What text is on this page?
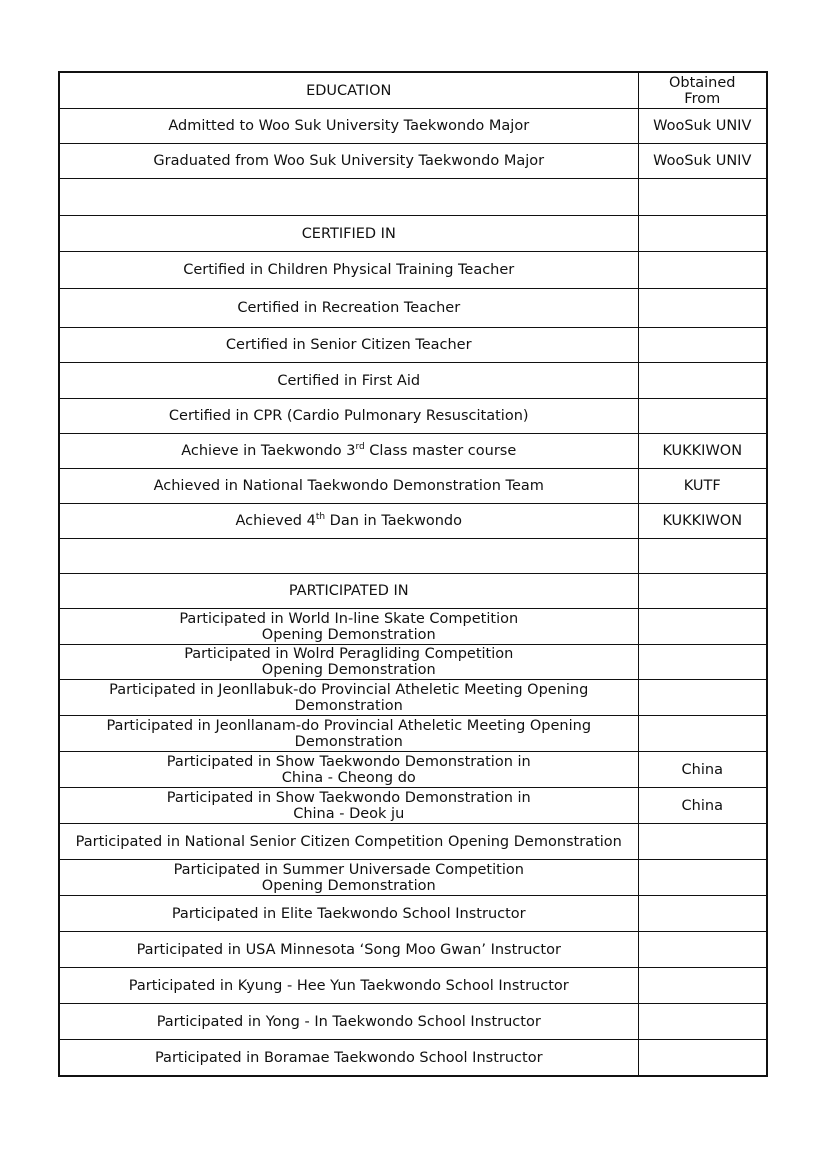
EDUCATION	Obtained
From

Admitted to Woo Suk University Taekwondo Major	WooSuk UNIV
Graduated from Woo Suk University Taekwondo Major	WooSuk UNIV

CERTIFIED IN	
Certified in Children Physical Training Teacher	
Certified in Recreation Teacher	
Certified in Senior Citizen Teacher	
Certified in First Aid	
Certified in CPR (Cardio Pulmonary Resuscitation)	
Achieve in Taekwondo 3rd Class master course	KUKKIWON
Achieved in National Taekwondo Demonstration Team	KUTF
Achieved 4th Dan in Taekwondo	KUKKIWON

PARTICIPATED IN	

Participated in World In-line Skate Competition
Opening Demonstration	

Participated in Wolrd Peragliding Competition
Opening Demonstration	

Participated in Jeonllabuk-do Provincial Atheletic Meeting Opening
Demonstration	

Participated in Jeonllanam-do Provincial Atheletic Meeting Opening
Demonstration	

Participated in Show Taekwondo Demonstration in
China - Cheong do	China

Participated in Show Taekwondo Demonstration in
China - Deok ju	China
Participated in National Senior Citizen Competition Opening Demonstration	

Participated in Summer Universade Competition
Opening Demonstration	

Participated in Elite Taekwondo School Instructor	
Participated in USA Minnesota ‘Song Moo Gwan’ Instructor	
Participated in Kyung - Hee Yun Taekwondo School Instructor	
Participated in Yong - In Taekwondo School Instructor	
Participated in Boramae Taekwondo School Instructor	
